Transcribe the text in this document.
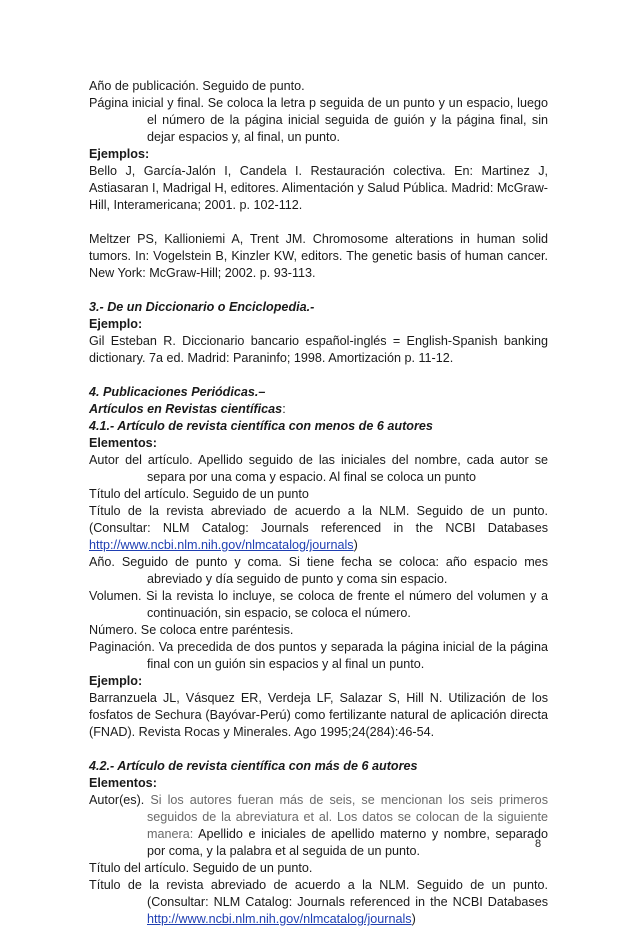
Año de publicación. Seguido de punto.

Página inicial y final. Se coloca la letra p seguida de un punto y un espacio, luego el número de la página inicial seguida de guión y la página final, sin dejar espacios y, al final, un punto.

Ejemplos:

Bello J, García-Jalón I, Candela I. Restauración colectiva. En: Martinez J, Astiasaran I, Madrigal H, editores. Alimentación y Salud Pública. Madrid: McGraw-Hill, Interamericana; 2001. p. 102-112.

Meltzer PS, Kallioniemi A, Trent JM. Chromosome alterations in human solid tumors. In: Vogelstein B, Kinzler KW, editors. The genetic basis of human cancer. New York: McGraw-Hill; 2002. p. 93-113.

3.- De un Diccionario o Enciclopedia.-

Ejemplo:

Gil Esteban R. Diccionario bancario español-inglés = English-Spanish banking dictionary. 7a ed. Madrid: Paraninfo; 1998. Amortización p. 11-12.

4. Publicaciones Periódicas.–

Artículos en Revistas científicas:

4.1.- Artículo de revista científica con menos de 6 autores

Elementos:

Autor del artículo. Apellido seguido de las iniciales del nombre, cada autor se separa por una coma y espacio. Al final se coloca un punto

Título del artículo. Seguido de un punto

Título de la revista abreviado de acuerdo a la NLM. Seguido de un punto. (Consultar: NLM Catalog: Journals referenced in the NCBI Databases http://www.ncbi.nlm.nih.gov/nlmcatalog/journals)

Año. Seguido de punto y coma. Si tiene fecha se coloca: año espacio mes abreviado y día seguido de punto y coma sin espacio.

Volumen. Si la revista lo incluye, se coloca de frente el número del volumen y a continuación, sin espacio, se coloca el número.

Número. Se coloca entre paréntesis.

Paginación. Va precedida de dos puntos y separada la página inicial de la página final con un guión sin espacios y al final un punto.

Ejemplo:

Barranzuela JL, Vásquez ER, Verdeja LF, Salazar S, Hill N. Utilización de los fosfatos de Sechura (Bayóvar-Perú) como fertilizante natural de aplicación directa (FNAD). Revista Rocas y Minerales. Ago 1995;24(284):46-54.

4.2.- Artículo de revista científica con más de 6 autores

Elementos:

Autor(es). Si los autores fueran más de seis, se mencionan los seis primeros seguidos de la abreviatura et al. Los datos se colocan de la siguiente manera: Apellido e iniciales de apellido materno y nombre, separado por coma, y la palabra et al seguida de un punto.

Título del artículo. Seguido de un punto.

Título de la revista abreviado de acuerdo a la NLM. Seguido de un punto. (Consultar: NLM Catalog: Journals referenced in the NCBI Databases http://www.ncbi.nlm.nih.gov/nlmcatalog/journals)

8
